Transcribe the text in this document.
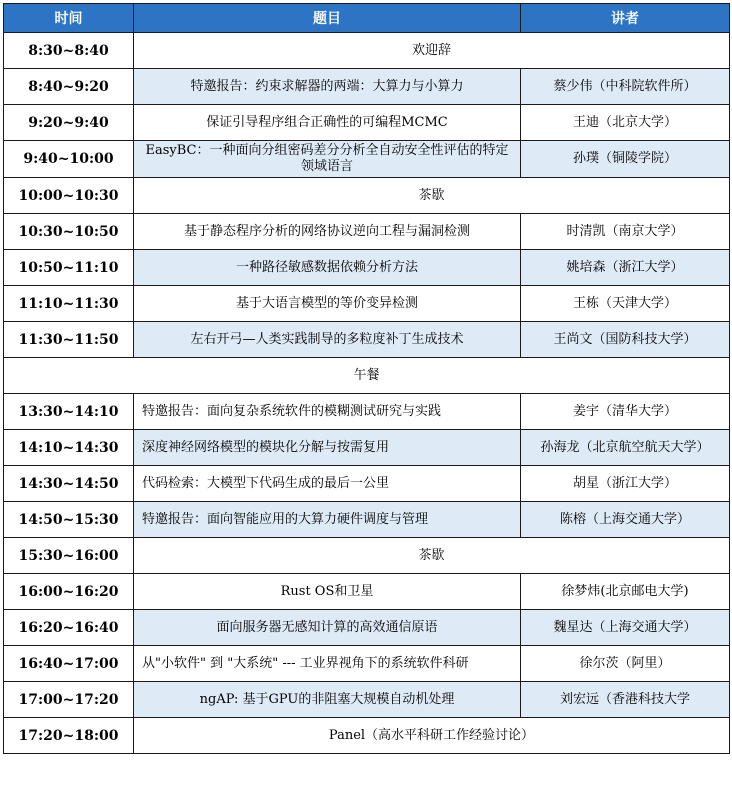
时间	题目	讲者
8:30~8:40	欢迎辞	
8:40~9:20	特邀报告：约束求解器的两端：大算力与小算力	蔡少伟（中科院软件所）
9:20~9:40	保证引导程序组合正确性的可编程MCMC	王迪（北京大学）
9:40~10:00	EasyBC：一种面向分组密码差分分析全自动安全性评估的特定领域语言	孙璞（铜陵学院）
10:00~10:30	茶歇	
10:30~10:50	基于静态程序分析的网络协议逆向工程与漏洞检测	时清凯（南京大学）
10:50~11:10	一种路径敏感数据依赖分析方法	姚培森（浙江大学）
11:10~11:30	基于大语言模型的等价变异检测	王栋（天津大学）
11:30~11:50	左右开弓—人类实践制导的多粒度补丁生成技术	王尚文（国防科技大学）
午餐		
13:30~14:10	特邀报告：面向复杂系统软件的模糊测试研究与实践	姜宇（清华大学）
14:10~14:30	深度神经网络模型的模块化分解与按需复用	孙海龙（北京航空航天大学）
14:30~14:50	代码检索：大模型下代码生成的最后一公里	胡星（浙江大学）
14:50~15:30	特邀报告：面向智能应用的大算力硬件调度与管理	陈榕（上海交通大学）
15:30~16:00	茶歇	
16:00~16:20	Rust OS和卫星	徐梦炜(北京邮电大学)
16:20~16:40	面向服务器无感知计算的高效通信原语	魏星达（上海交通大学）
16:40~17:00	从"小软件" 到 "大系统" --- 工业界视角下的系统软件科研	徐尔茨（阿里）
17:00~17:20	ngAP: 基于GPU的非阻塞大规模自动机处理	刘宏远（香港科技大学
17:20~18:00	Panel（高水平科研工作经验讨论）	
